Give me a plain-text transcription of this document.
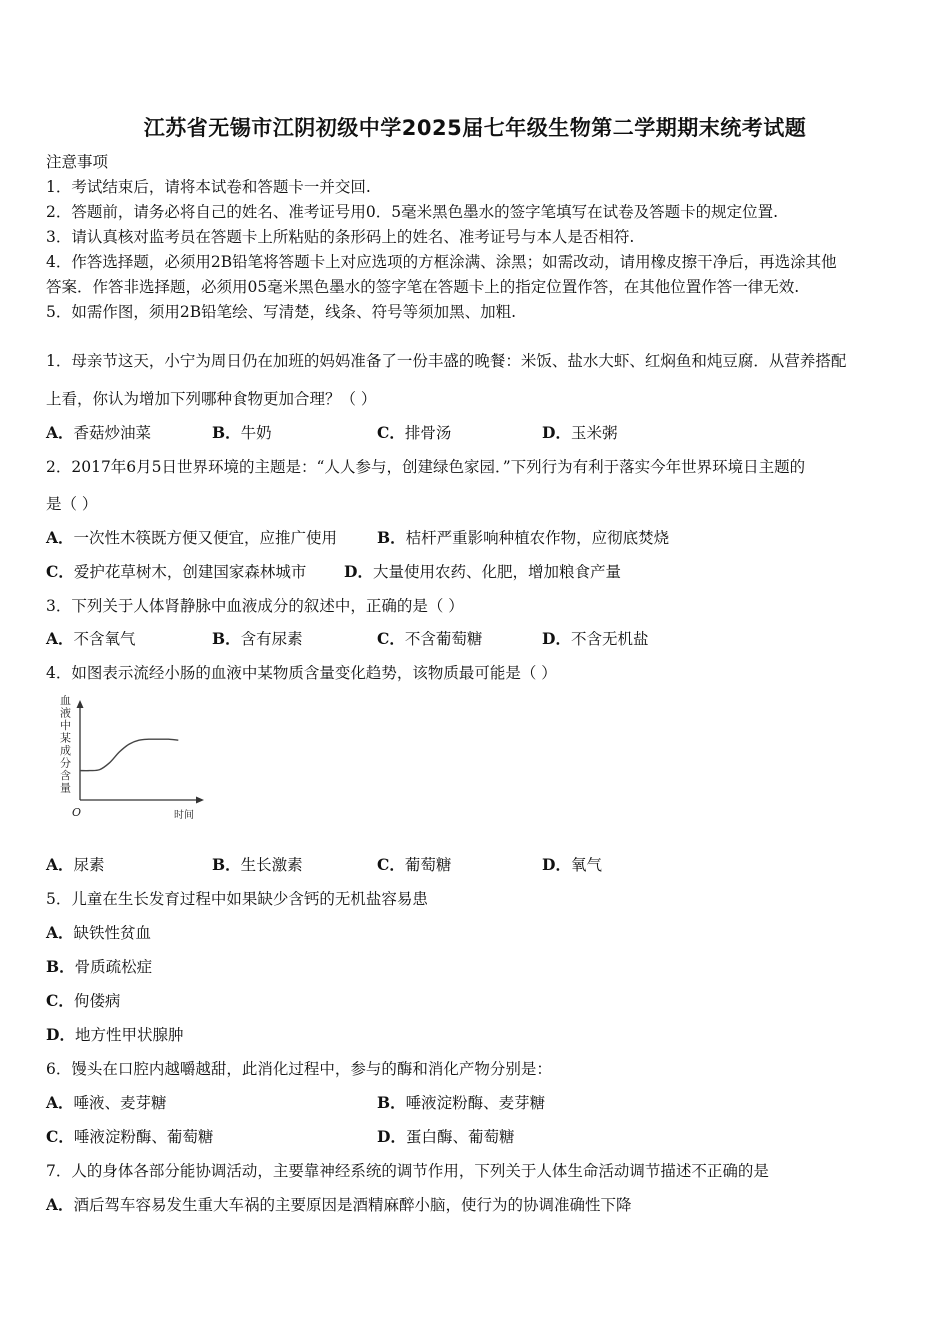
江苏省无锡市江阴初级中学2025届七年级生物第二学期期末统考试题
注意事项
1．考试结束后，请将本试卷和答题卡一并交回.
2．答题前，请务必将自己的姓名、准考证号用0．5毫米黑色墨水的签字笔填写在试卷及答题卡的规定位置.
3．请认真核对监考员在答题卡上所粘贴的条形码上的姓名、准考证号与本人是否相符.
4．作答选择题，必须用2B铅笔将答题卡上对应选项的方框涂满、涂黑；如需改动，请用橡皮擦干净后，再选涂其他
答案．作答非选择题，必须用05毫米黑色墨水的签字笔在答题卡上的指定位置作答，在其他位置作答一律无效.
5．如需作图，须用2B铅笔绘、写清楚，线条、符号等须加黑、加粗.
1．母亲节这天，小宁为周日仍在加班的妈妈准备了一份丰盛的晚餐：米饭、盐水大虾、红焖鱼和炖豆腐．从营养搭配
上看，你认为增加下列哪种食物更加合理？（ ）
A．香菇炒油菜	B．牛奶	C．排骨汤	D．玉米粥
2．2017年6月5日世界环境的主题是：“人人参与，创建绿色家园．”下列行为有利于落实今年世界环境日主题的
是（ ）
A．一次性木筷既方便又便宜，应推广使用	B．桔杆严重影响种植农作物，应彻底焚烧
C．爱护花草树木，创建国家森林城市 D．大量使用农药、化肥，增加粮食产量
3．下列关于人体肾静脉中血液成分的叙述中，正确的是（ ）
A．不含氧气	B．含有尿素	C．不含葡萄糖	D．不含无机盐
4．如图表示流经小肠的血液中某物质含量变化趋势，该物质最可能是（ ）
血
液
中
某
成
分
含
量
O	时间
A．尿素	B．生长激素	C．葡萄糖	D．氧气
5．儿童在生长发育过程中如果缺少含钙的无机盐容易患
A．缺铁性贫血
B．骨质疏松症
C．佝偻病
D．地方性甲状腺肿
6．馒头在口腔内越嚼越甜，此消化过程中，参与的酶和消化产物分别是：
A．唾液、麦芽糖	B．唾液淀粉酶、麦芽糖
C．唾液淀粉酶、葡萄糖	D．蛋白酶、葡萄糖
7．人的身体各部分能协调活动，主要靠神经系统的调节作用，下列关于人体生命活动调节描述不正确的是
A．酒后驾车容易发生重大车祸的主要原因是酒精麻醉小脑，使行为的协调准确性下降
